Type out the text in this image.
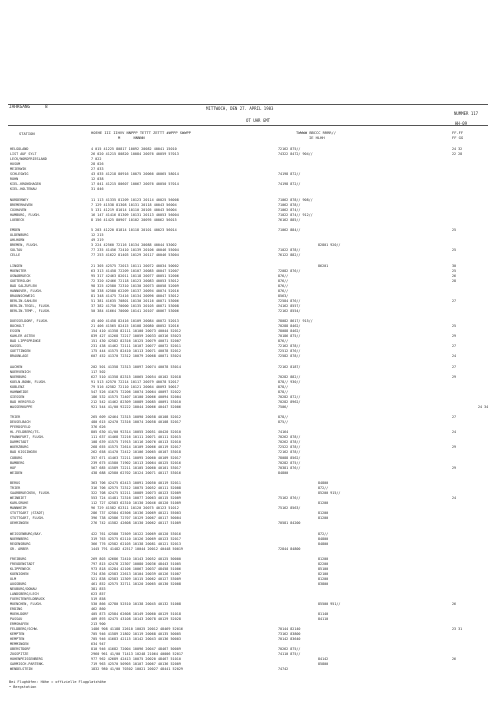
JAHRGANG	8	MITTWOCH, DEN 27. APRIL 1983
NUMMER 117
OT UHR GMT
HH-09
STATION	HOEHE III IIHVV NNPPP TETTT ZETTT ##PPP SWWPP
M      NNNNN
TWWWW BBCCC RRRR//
IE HLHH
FF-FF
FF GG
HELGOLAND	4 015 41225 80817 10092 20082 40041 15010	72162 875//	24 32
LIST AUF SYLT	26 020 41215 80820 10084 20076 40059 57013	74322 8472/ 904//	22 28
LECK/NORDFRIESLAND	7 022
HUSUM	28 026
MEIERWIK	27 033
SCHLESWIG	43 035 41218 80916 10075 20066 40065 58014	74198 872//
ROHN	12 038
KIEL-KRONSHAGEN	17 041 41215 80607 10067 20076 40050 57014	74198 872//
KIEL-HOLTENAU	31 046
NORDERNEY	11 113 41335 81209 10123 20114 40025 56008	71062 878// 908//
BREMERHAVEN	7 129 41538 81308 10131 20118 40043 56004	71062 878//
CUXHAVEN	5 131 41219 81014 10110 20105 40043 56004	71062 874//
HAMBURG, FLUGH.	16 147 41416 81309 10131 20113 40053 56004	71022 874// 912//
LUEBECK	8 156 41425 80907 10102 20095 40062 56015	76162 885//
EMDEN	5 203 41220 81814 10118 20101 40023 56014	71062 884//	25
OLDENBURG	12 215
AHLHORN	49 219
BREMEN, FLUGH.	3 224 42560 72116 10134 20088 40044 53002	82801 920//
SOLTAU	77 235 41456 72410 10139 20106 40046 55004	71022 878//	25
CELLE	77 253 41622 81403 10129 20117 40046 53004	76122 882//
LINGEN	21 305 42575 72013 10111 20072 40034 50002	86201	30
MUENSTER	63 313 41458 72209 10107 20085 40047 52007	72082 876//	25
OSNABRUECK	95 317 42463 82011 10118 20077 40051 52006	876//	26
GUETERSLOH	72 320 42466 72118 10123 20083 40053 53012	876//	28
BAD SALZUFLEN	98 325 42580 72310 10130 20073 40058 52009	876//
HANNOVER, FLUGH.	56 338 42580 62209 10137 20094 40074 52016	876//
BRAUNSCHWEIG	81 348 41475 72416 10134 20096 40047 53012	8563/
BERLIN-SAHLEN	51 381 41635 70801 10130 20116 40071 53006	72584 876//	27
BERLIN-TEGEL, FLUGH.	37 382 41750 70000 10135 20105 40071 53008	74162 8557/
BERLIN-TEMP., FLUGH.	50 384 41664 70000 10141 20107 40067 53006	72162 8554/
DUESSELDORF, FLUGH.	45 400 41458 82416 10109 20084 40072 52013	78082 8617/ 915//
BOCHOLT	21 406 41565 82415 10108 20080 40052 52016	70288 8462/	25
ESSEN	154 410 41358 82111 10100 20073 40044 52012	78088 8462/
KAHLER ASTEN	839 427 41268 72217 10059 20033 40316 53023	70186 875//	29
BAD LIPPSPRINGE	151 430 42582 82316 10125 20079 40071 52007	876//
KASSEL	231 438 41462 72111 10107 20077 40072 52011	72162 878//	27
GOETTINGEN	175 444 41575 82410 10113 20071 40078 52012	72512 876//
BRAUNLAGE	607 452 41370 72312 10079 20068 40071 53024	72582 878//	24
AACHEN	202 501 41358 72313 10097 20074 40078 53014	72162 8187/	27
NOERVENICH	117 502
NUERBURG	627 510 41358 82315 10065 20054 40102 52018	70282 882//	29
KOELN-BONN, FLUGH.	91 513 42570 72214 10117 20079 40078 52017	878// 930//
KOBLENZ	79 516 42582 72110 10121 20064 40093 50017	878//
HAHNWEIDE	547 526 41675 72206 10074 20064 40097 52022	878//
GIESSEN	186 532 41575 72407 10100 20066 40094 52004	70282 872//
BAD HERSFELD	212 542 41462 82309 10089 20085 40091 53010	70282 8962/
WASSERKUPPE	921 544 41/00 92222 10044 20066 40447 52006	7506/	24 34
TRIER	265 609 42464 72315 10090 20058 40108 52012	878//	27
DEUSELBACH	480 615 42470 72316 10074 20058 40108 52017	875//
PFERDSFELD	376 626
HL.FELDBERG/TS.	805 630 41/00 92314 10055 20051 40420 52010	74164	24
FRANKFURT, FLUGH.	111 637 41468 72216 10111 20071 40111 52015	70262 878//
DARMSTADT	108 639 41575 71915 10116 20076 40113 52010	70262 878//
WUERZBURG	268 655 41575 72614 10109 20066 40119 52017	72522 878//	29
BAD KISSINGEN	262 658 41470 72412 10106 20065 40107 53018	72162 878//
COBURG	357 671 41463 72211 10095 20060 40109 52017	78088 8562/
BAMBERG	239 675 41580 71902 10113 20064 40125 52016	70282 875//
HOF	567 685 41589 72211 10105 20060 40101 53017	70381 876//	29
WEIDEN	438 688 42580 62702 10124 20071 40117 53016	84800
BERUS	363 706 42475 62413 10091 20050 40119 52011	84800
TRIER	316 706 42575 72312 10075 20052 40111 52008	872//
SAARBRUECKEN, FLUGH.	322 708 42475 52211 10089 20073 40123 52009	85200 915//
WEINBIET	553 724 41481 72316 10077 20063 40115 52009	75162 876//	24
KARLSRUHE	112 727 42583 62310 10130 20046 40120 51009	81200
MANNHEIM	96 729 41582 62311 10120 20075 40123 51012	75162 8563/
STUTTGART (STADT)	286 737 42584 62506 10136 20069 40121 55003	81200
STUTTGART, FLUGH.	396 738 42586 72707 10129 20067 40117 50004	81200
OEHRINGEN	276 742 41582 42608 10130 20062 40117 51009	70581 84200
WEISSENBURG/BAY.	422 761 42580 72509 10122 20069 40120 53016	872//
NUERNBERG	319 763 42575 62110 10126 20069 40123 52017	84800
REGENSBURG	366 776 42582 62105 10138 20081 40121 52013	84800
GR. ARBER	1445 791 41482 42517 10044 20012 40448 50019	72844 84800
FREIBURG	269 803 42686 72410 10143 20052 40125 50000	81200
FREUDENSTADT	797 815 42478 22307 10080 20036 48443 51005	82200
KLIPPENECK	973 818 41284 42106 10067 20037 48458 51006	85100
KOENIGHEN	734 836 42583 22613 10104 20039 40126 51007	82100
ULM	521 838 42583 12309 10115 20062 40127 53009	81200
AUGSBURG	461 852 42575 32711 10120 20065 40130 52008	83800
NEUBURG/DONAU	381 853
LANDSBERG/LECH	623 857
FUERSTENFELDBRUCK	519 858
MUENCHEN, FLUGH.	530 866 42780 52510 10138 20045 40132 51008	85500 951//	26
ERDING	462 860
MUEHLDORF	405 873 42584 62608 10149 20060 40129 51018	81140
PASSAU	409 893 42475 43108 10143 20078 40129 52028	84110
ERMSHAFEN	213 900
FELDBERG/SCHW.	1486 908 41188 22610 10025 20012 48469 52016	70144 82140	23 31
KEMPTEN	705 946 41589 21802 10119 20068 40135 50005	73162 83800
HEMPTEN	705 946 41683 42115 10142 20043 40136 50003	70142 83640
MEMMINGEN	634 947
OBERSTDORF	810 946 41682 72004 10096 20047 48467 50009	70262 875//
ZUGSPITZE	2960 961 41/00 71413 10248 21064 40006 52017	74110 875//
HOHENPEISSENBERG	977 962 42689 42413 10075 20020 48467 51010	84142	26
GARMISCH-PARTENK.	719 963 42570 50905 10107 20067 40136 52009	85800
WENDELSTEIN	1832 980 41/00 70302 10021 20027 48441 52029	74742
Bei Flughäfen: Höhe = offizielle Flugplatzhöhe
• Bergstation
